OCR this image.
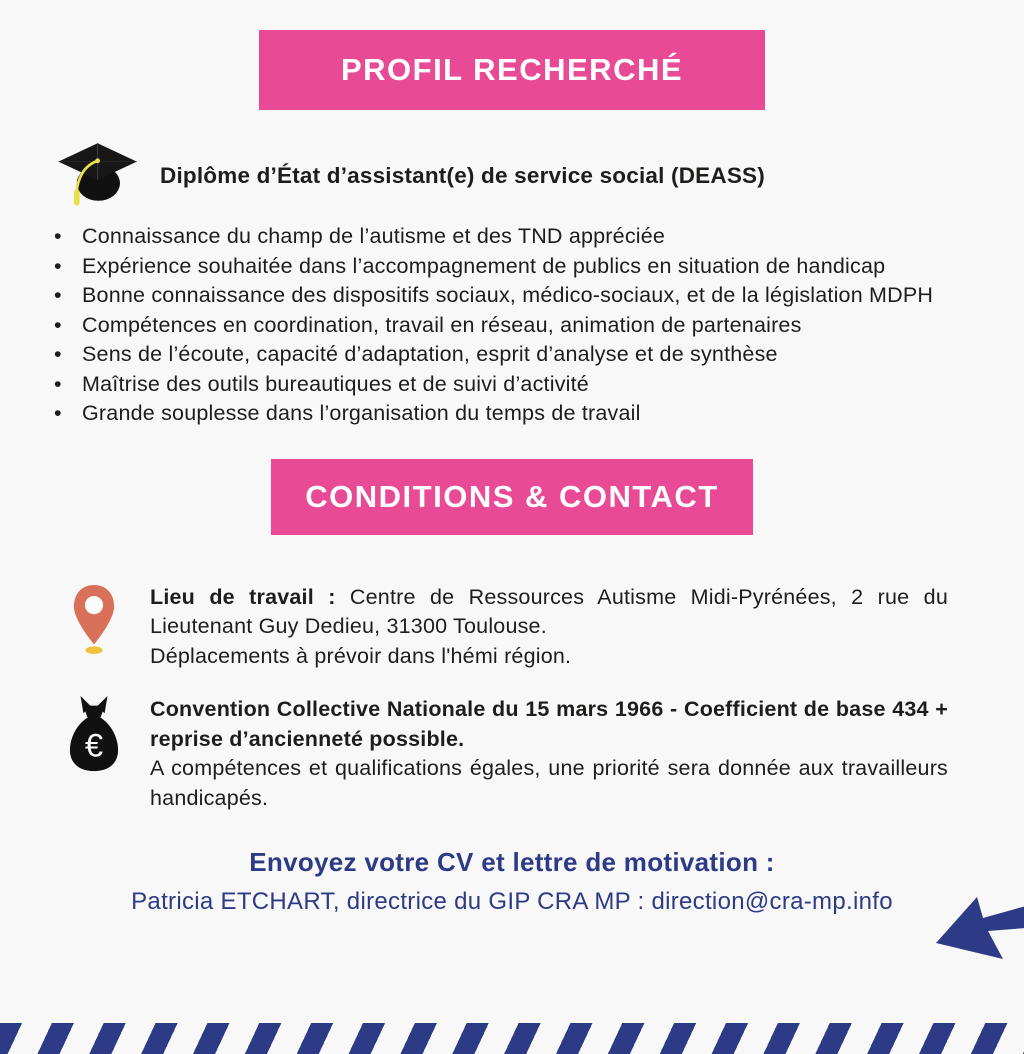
PROFIL RECHERCHÉ
Diplôme d’État d’assistant(e) de service social (DEASS)
• Connaissance du champ de l’autisme et des TND appréciée
• Expérience souhaitée dans l’accompagnement de publics en situation de handicap
• Bonne connaissance des dispositifs sociaux, médico-sociaux, et de la législation MDPH
• Compétences en coordination, travail en réseau, animation de partenaires
• Sens de l’écoute, capacité d’adaptation, esprit d’analyse et de synthèse
• Maîtrise des outils bureautiques et de suivi d’activité
• Grande souplesse dans l’organisation du temps de travail
CONDITIONS & CONTACT

Lieu de travail : Centre de Ressources Autisme Midi-Pyrénées, 2 rue du Lieutenant Guy Dedieu, 31300 Toulouse.

Déplacements à prévoir dans l'hémi région.

€

Convention Collective Nationale du 15 mars 1966 - Coefficient de base 434 + reprise d’ancienneté possible.

A compétences et qualifications égales, une priorité sera donnée aux travailleurs handicapés.

Envoyez votre CV et lettre de motivation :
Patricia ETCHART, directrice du GIP CRA MP : direction@cra-mp.info
